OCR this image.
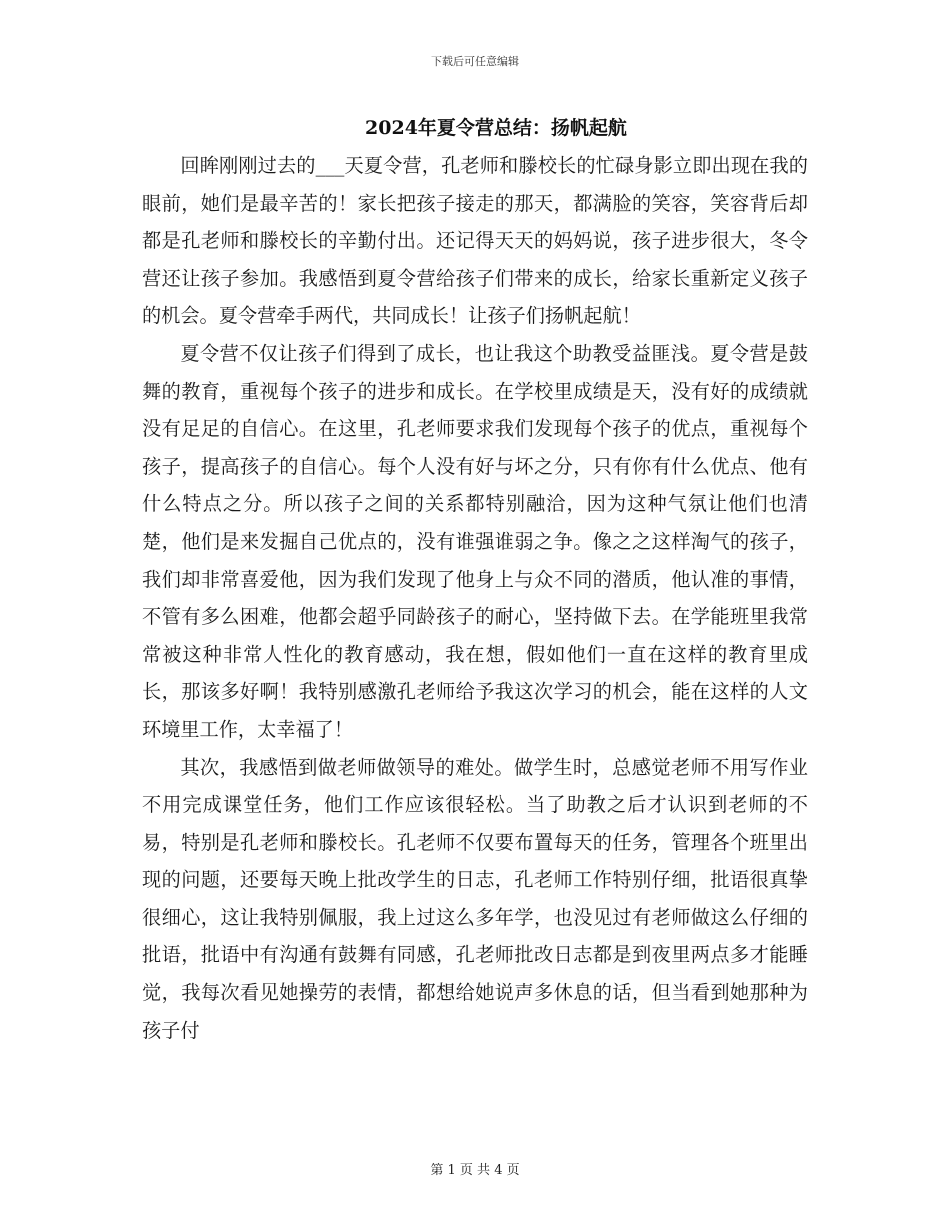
下载后可任意编辑
2024年夏令营总结：扬帆起航

回眸刚刚过去的___天夏令营，孔老师和滕校长的忙碌身影立即出现在我的眼前，她们是最辛苦的！家长把孩子接走的那天，都满脸的笑容，笑容背后却都是孔老师和滕校长的辛勤付出。还记得天天的妈妈说，孩子进步很大，冬令营还让孩子参加。我感悟到夏令营给孩子们带来的成长，给家长重新定义孩子的机会。夏令营牵手两代，共同成长！让孩子们扬帆起航！

夏令营不仅让孩子们得到了成长，也让我这个助教受益匪浅。夏令营是鼓舞的教育，重视每个孩子的进步和成长。在学校里成绩是天，没有好的成绩就没有足足的自信心。在这里，孔老师要求我们发现每个孩子的优点，重视每个孩子，提高孩子的自信心。每个人没有好与坏之分，只有你有什么优点、他有什么特点之分。所以孩子之间的关系都特别融洽，因为这种气氛让他们也清楚，他们是来发掘自己优点的，没有谁强谁弱之争。像之之这样淘气的孩子，我们却非常喜爱他，因为我们发现了他身上与众不同的潜质，他认准的事情，不管有多么困难，他都会超乎同龄孩子的耐心，坚持做下去。在学能班里我常常被这种非常人性化的教育感动，我在想，假如他们一直在这样的教育里成长，那该多好啊！我特别感激孔老师给予我这次学习的机会，能在这样的人文环境里工作，太幸福了！

其次，我感悟到做老师做领导的难处。做学生时，总感觉老师不用写作业不用完成课堂任务，他们工作应该很轻松。当了助教之后才认识到老师的不易，特别是孔老师和滕校长。孔老师不仅要布置每天的任务，管理各个班里出现的问题，还要每天晚上批改学生的日志，孔老师工作特别仔细，批语很真挚很细心，这让我特别佩服，我上过这么多年学，也没见过有老师做这么仔细的批语，批语中有沟通有鼓舞有同感，孔老师批改日志都是到夜里两点多才能睡觉，我每次看见她操劳的表情，都想给她说声多休息的话，但当看到她那种为孩子付

第 1 页 共 4 页
